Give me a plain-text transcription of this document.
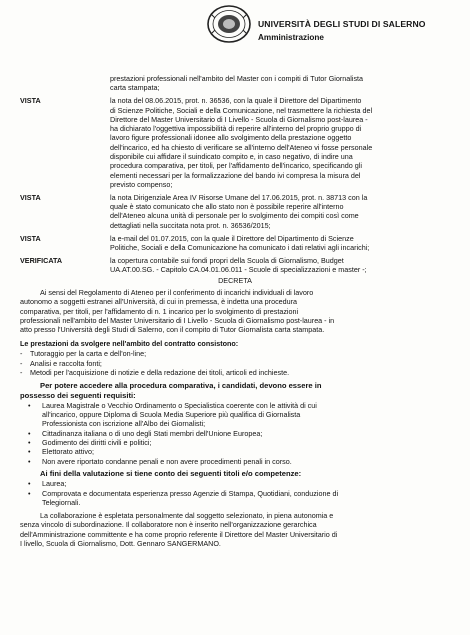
UNIVERSITÀ DEGLI STUDI DI SALERNO
Amministrazione
prestazioni professionali nell'ambito del Master con i compiti di Tutor Giornalista
carta stampata;
VISTA	la nota del 08.06.2015, prot. n. 36536, con la quale il Direttore del Dipartimento
di Scienze Politiche, Sociali e della Comunicazione, nel trasmettere la richiesta del
Direttore del Master Universitario di I Livello - Scuola di Giornalismo post-laurea -
ha dichiarato l'oggettiva impossibilità di reperire all'interno del proprio gruppo di
lavoro figure professionali idonee allo svolgimento della prestazione oggetto
dell'incarico, ed ha chiesto di verificare se all'interno dell'Ateneo vi fosse personale
disponibile cui affidare il suindicato compito e, in caso negativo, di indire una
procedura comparativa, per titoli, per l'affidamento dell'incarico, specificando gli
elementi necessari per la formalizzazione del bando ivi compresa la misura del
previsto compenso;
VISTA	la nota Dirigenziale Area IV Risorse Umane del 17.06.2015, prot. n. 38713 con la
quale è stato comunicato che allo stato non è possibile reperire all'interno
dell'Ateneo alcuna unità di personale per lo svolgimento dei compiti così come
dettagliati nella succitata nota prot. n. 36536/2015;
VISTA	la e-mail del 01.07.2015, con la quale il Direttore del Dipartimento di Scienze
Politiche, Sociali e della Comunicazione ha comunicato i dati relativi agli incarichi;
VERIFICATA	la copertura contabile sui fondi propri della Scuola di Giornalismo, Budget
UA.AT.00.SG. - Capitolo CA.04.01.06.011 - Scuole di specializzazioni e master -;
DECRETA
Ai sensi del Regolamento di Ateneo per il conferimento di incarichi individuali di lavoro
autonomo a soggetti estranei all'Università, di cui in premessa, è indetta una procedura
comparativa, per titoli, per l'affidamento di n. 1 incarico per lo svolgimento di prestazioni
professionali nell'ambito del Master Universitario di I Livello - Scuola di Giornalismo post-laurea - in
atto presso l'Università degli Studi di Salerno, con il compito di Tutor Giornalista carta stampata.
Le prestazioni da svolgere nell'ambito del contratto consistono:
- Tutoraggio per la carta e dell'on-line;
- Analisi e raccolta fonti;
- Metodi per l'acquisizione di notizie e della redazione dei titoli, articoli ed inchieste.
Per potere accedere alla procedura comparativa, i candidati, devono essere in
possesso dei seguenti requisiti:
• Laurea Magistrale o Vecchio Ordinamento o Specialistica coerente con le attività di cui
all'incarico, oppure Diploma di Scuola Media Superiore più qualifica di Giornalista
Professionista con iscrizione all'Albo dei Giornalisti;
• Cittadinanza italiana o di uno degli Stati membri dell'Unione Europea;
• Godimento dei diritti civili e politici;
• Elettorato attivo;
• Non avere riportato condanne penali e non avere procedimenti penali in corso.
Ai fini della valutazione si tiene conto dei seguenti titoli e/o competenze:
• Laurea;
• Comprovata e documentata esperienza presso Agenzie di Stampa, Quotidiani, conduzione di
Telegiornali.
La collaborazione è espletata personalmente dal soggetto selezionato, in piena autonomia e
senza vincolo di subordinazione. Il collaboratore non è inserito nell'organizzazione gerarchica
dell'Amministrazione committente e ha come proprio referente il Direttore del Master Universitario di
I livello, Scuola di Giornalismo, Dott. Gennaro SANGERMANO.
